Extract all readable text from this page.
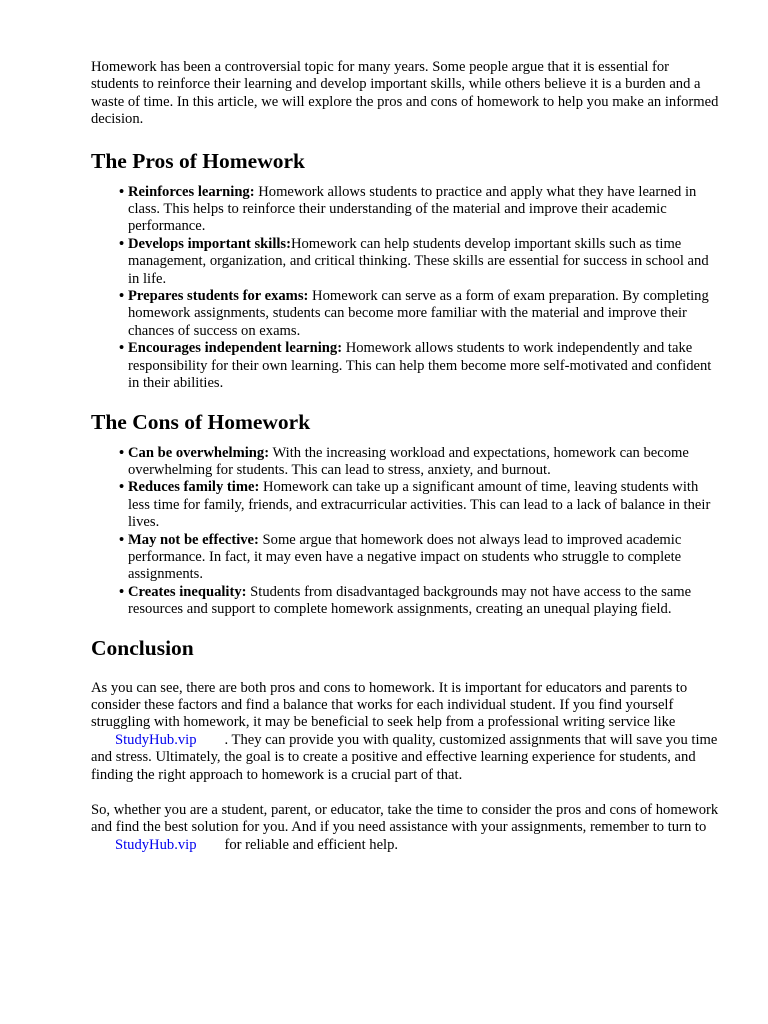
Homework has been a controversial topic for many years. Some people argue that it is essential for students to reinforce their learning and develop important skills, while others believe it is a burden and a waste of time. In this article, we will explore the pros and cons of homework to help you make an informed decision.

The Pros of Homework
• Reinforces learning: Homework allows students to practice and apply what they have learned in class. This helps to reinforce their understanding of the material and improve their academic performance.
• Develops important skills:Homework can help students develop important skills such as time management, organization, and critical thinking. These skills are essential for success in school and in life.
• Prepares students for exams: Homework can serve as a form of exam preparation. By completing homework assignments, students can become more familiar with the material and improve their chances of success on exams.
• Encourages independent learning: Homework allows students to work independently and take responsibility for their own learning. This can help them become more self-motivated and confident in their abilities.
The Cons of Homework
• Can be overwhelming: With the increasing workload and expectations, homework can become overwhelming for students. This can lead to stress, anxiety, and burnout.
• Reduces family time: Homework can take up a significant amount of time, leaving students with less time for family, friends, and extracurricular activities. This can lead to a lack of balance in their lives.
• May not be effective: Some argue that homework does not always lead to improved academic performance. In fact, it may even have a negative impact on students who struggle to complete assignments.
• Creates inequality: Students from disadvantaged backgrounds may not have access to the same resources and support to complete homework assignments, creating an unequal playing field.
Conclusion

As you can see, there are both pros and cons to homework. It is important for educators and parents to consider these factors and find a balance that works for each individual student. If you find yourself struggling with homework, it may be beneficial to seek help from a professional writing service like StudyHub.vip . They can provide you with quality, customized assignments that will save you time and stress. Ultimately, the goal is to create a positive and effective learning experience for students, and finding the right approach to homework is a crucial part of that.

So, whether you are a student, parent, or educator, take the time to consider the pros and cons of homework and find the best solution for you. And if you need assistance with your assignments, remember to turn to StudyHub.vip for reliable and efficient help.
